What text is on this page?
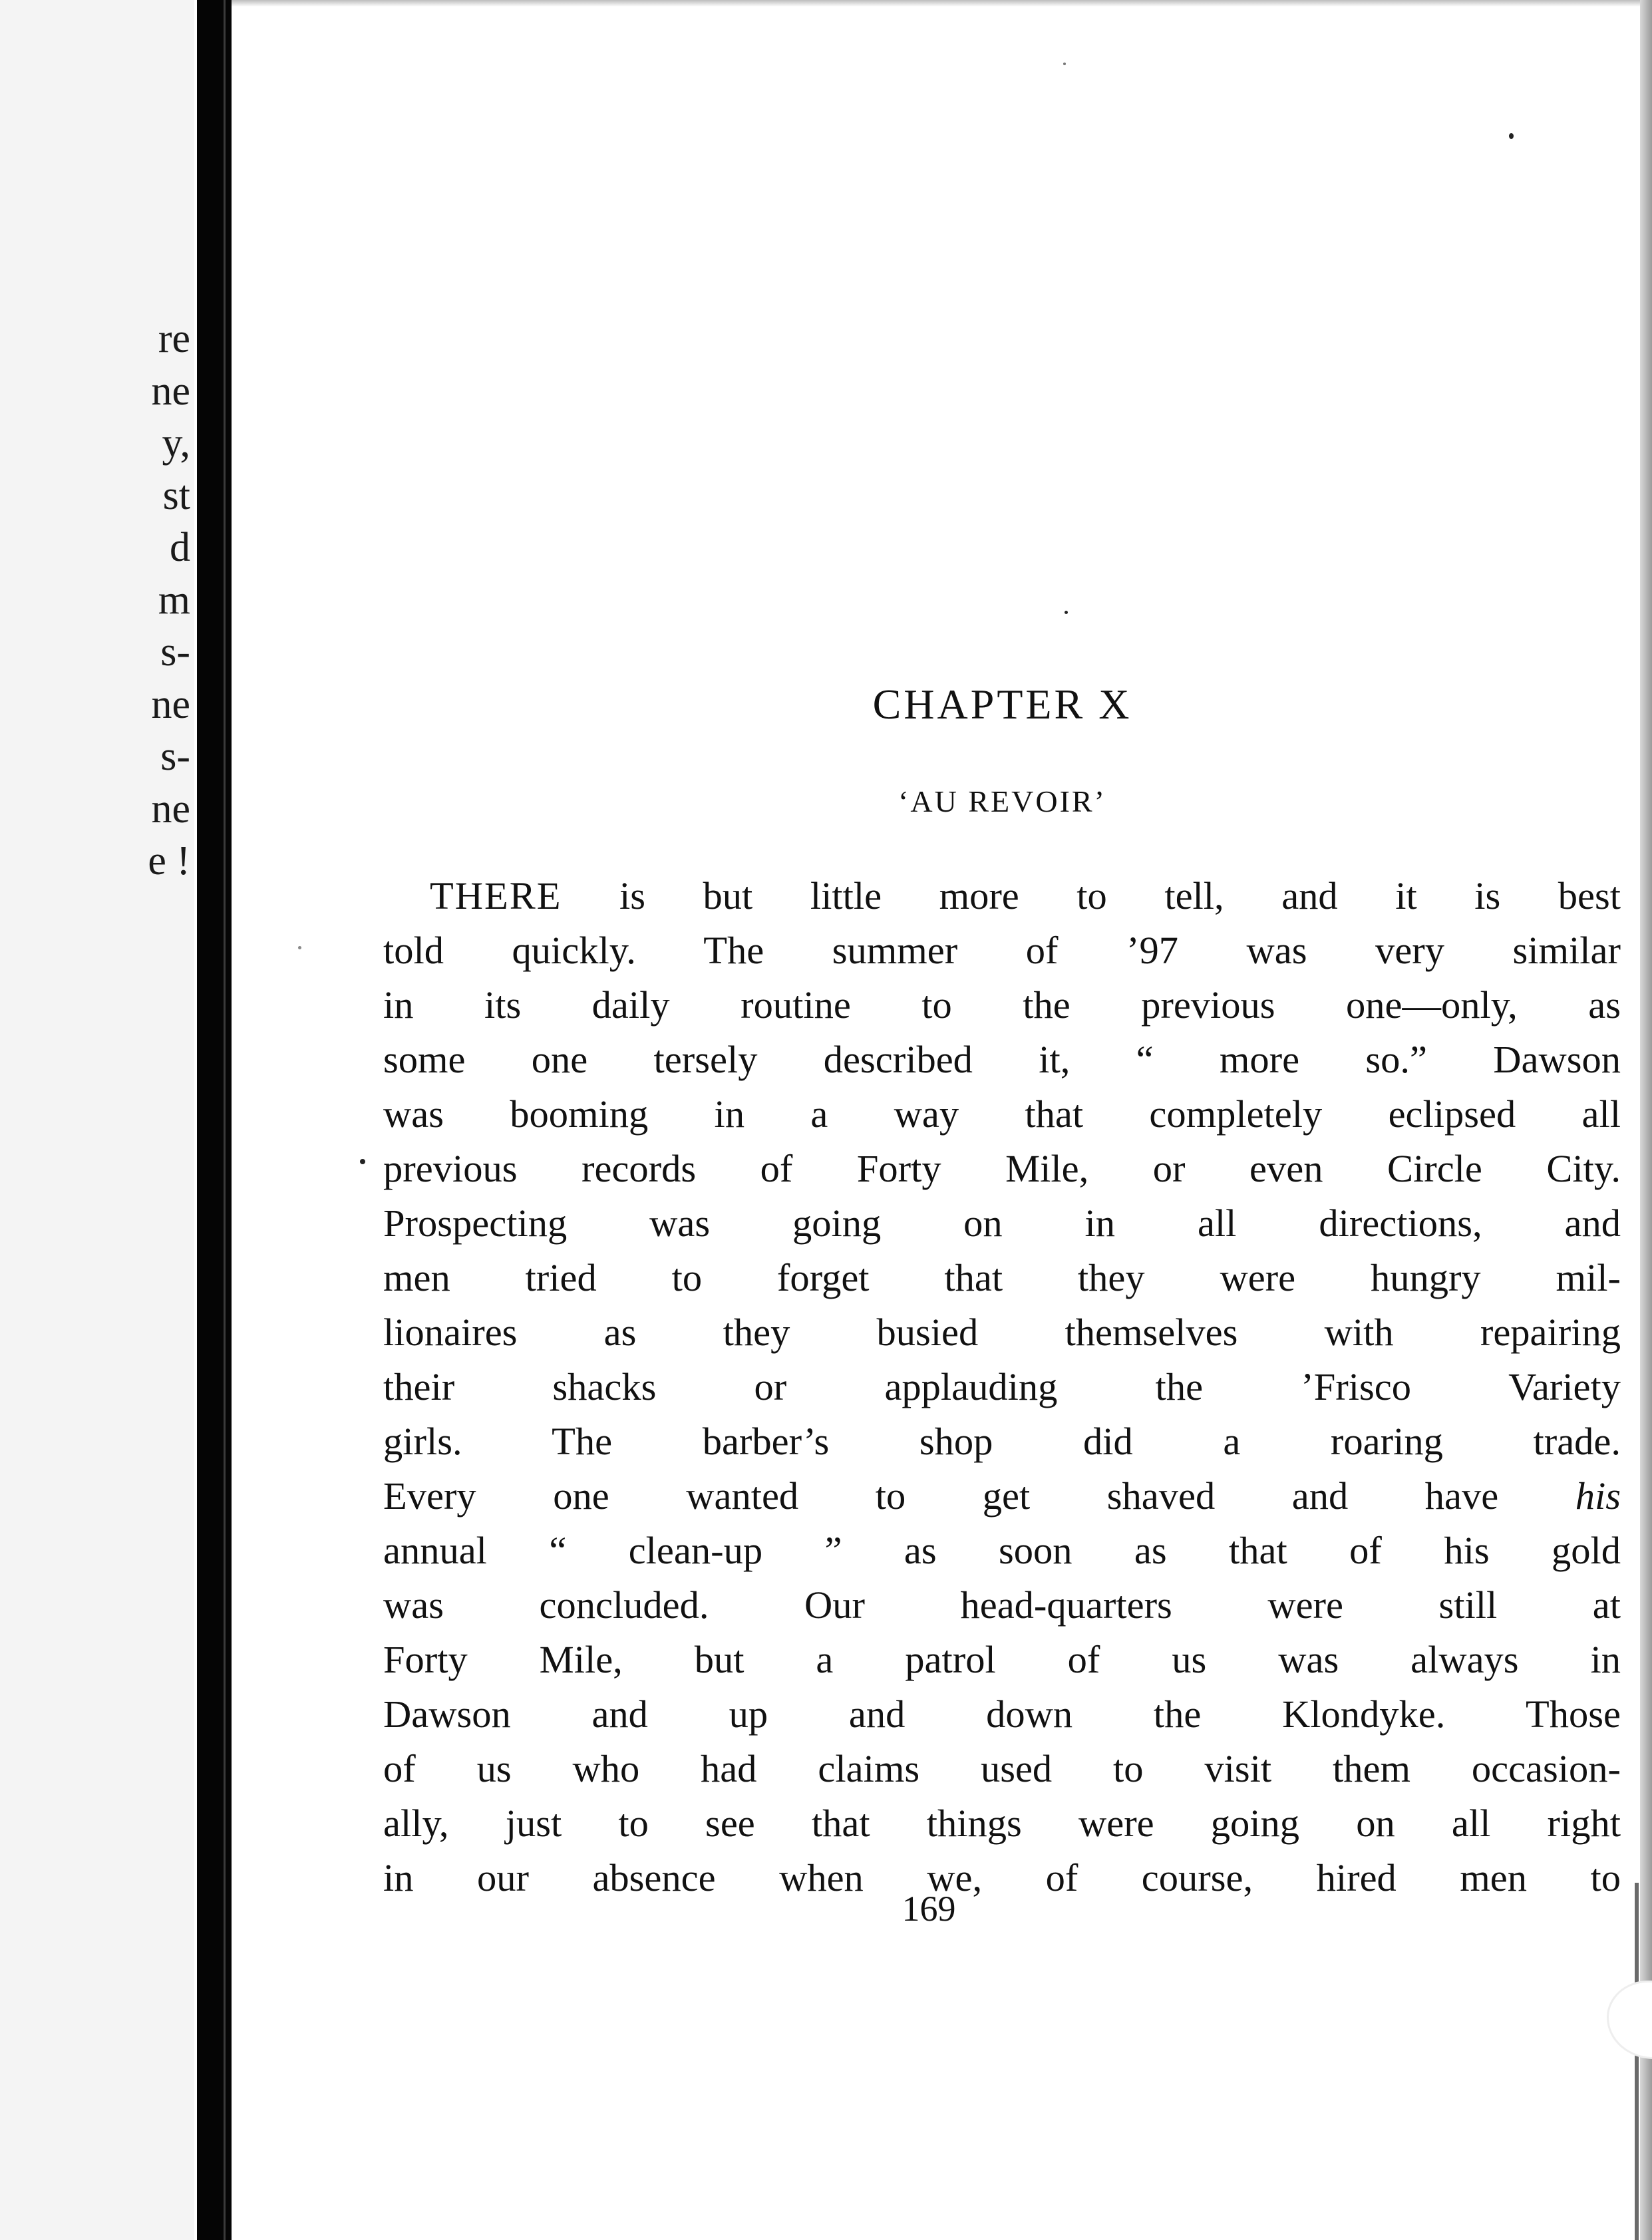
re
ne
y,
st
d
m
s-
ne
s-
ne
e !
CHAPTER X
‘AU REVOIR’
THERE is but little more to tell, and it is best
told quickly. The summer of ’97 was very similar
in its daily routine to the previous one—only, as
some one tersely described it, “ more so.” Dawson
was booming in a way that completely eclipsed all
previous records of Forty Mile, or even Circle City.
Prospecting was going on in all directions, and
men tried to forget that they were hungry mil-
lionaires as they busied themselves with repairing
their shacks or applauding the ’Frisco Variety
girls. The barber’s shop did a roaring trade.
Every one wanted to get shaved and have his
annual “ clean-up ” as soon as that of his gold
was concluded. Our head-quarters were still at
Forty Mile, but a patrol of us was always in
Dawson and up and down the Klondyke. Those
of us who had claims used to visit them occasion-
ally, just to see that things were going on all right
in our absence when we, of course, hired men to

169
